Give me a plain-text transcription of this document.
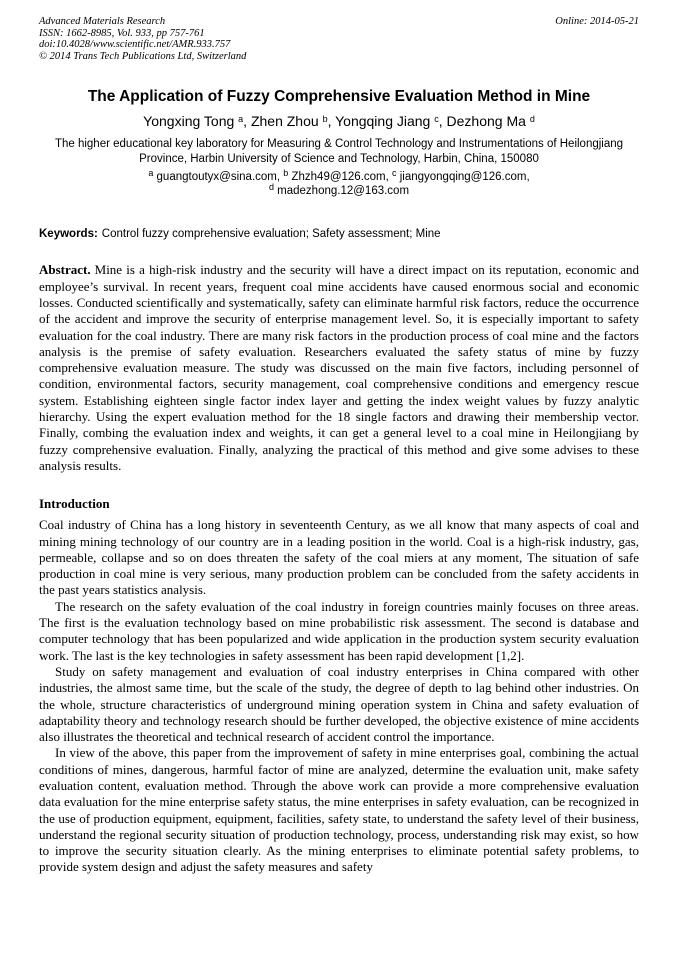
Advanced Materials Research
ISSN: 1662-8985, Vol. 933, pp 757-761
doi:10.4028/www.scientific.net/AMR.933.757
© 2014 Trans Tech Publications Ltd, Switzerland
Online: 2014-05-21
The Application of Fuzzy Comprehensive Evaluation Method in Mine
Yongxing Tong $^a$, Zhen Zhou $^b$, Yongqing Jiang $^c$, Dezhong Ma $^d$
The higher educational key laboratory for Measuring & Control Technology and Instrumentations of Heilongjiang Province, Harbin University of Science and Technology, Harbin, China, 150080
$^a$ guangtoutyx@sina.com, $^b$ Zhzh49@126.com, $^c$ jiangyongqing@126.com,
$^d$ madezhong.12@163.com
Keywords: Control fuzzy comprehensive evaluation; Safety assessment; Mine
Abstract. Mine is a high-risk industry and the security will have a direct impact on its reputation, economic and employee’s survival. In recent years, frequent coal mine accidents have caused enormous social and economic losses. Conducted scientifically and systematically, safety can eliminate harmful risk factors, reduce the occurrence of the accident and improve the security of enterprise management level. So, it is especially important to safety evaluation for the coal industry. There are many risk factors in the production process of coal mine and the factors analysis is the premise of safety evaluation. Researchers evaluated the safety status of mine by fuzzy comprehensive evaluation measure. The study was discussed on the main five factors, including personnel of condition, environmental factors, security management, coal comprehensive conditions and emergency rescue system. Establishing eighteen single factor index layer and getting the index weight values by fuzzy analytic hierarchy. Using the expert evaluation method for the 18 single factors and drawing their membership vector. Finally, combing the evaluation index and weights, it can get a general level to a coal mine in Heilongjiang by fuzzy comprehensive evaluation. Finally, analyzing the practical of this method and give some advises to these analysis results.
Introduction

Coal industry of China has a long history in seventeenth Century, as we all know that many aspects of coal and mining mining technology of our country are in a leading position in the world. Coal is a high-risk industry, gas, permeable, collapse and so on does threaten the safety of the coal miers at any moment, The situation of safe production in coal mine is very serious, many production problem can be concluded from the safety accidents in the past years statistics analysis.

The research on the safety evaluation of the coal industry in foreign countries mainly focuses on three areas. The first is the evaluation technology based on mine probabilistic risk assessment. The second is database and computer technology that has been popularized and wide application in the production system security evaluation work. The last is the key technologies in safety assessment has been rapid development [1,2].

Study on safety management and evaluation of coal industry enterprises in China compared with other industries, the almost same time, but the scale of the study, the degree of depth to lag behind other industries. On the whole, structure characteristics of underground mining operation system in China and safety evaluation of adaptability theory and technology research should be further developed, the objective existence of mine accidents also illustrates the theoretical and technical research of accident control the importance.

In view of the above, this paper from the improvement of safety in mine enterprises goal, combining the actual conditions of mines, dangerous, harmful factor of mine are analyzed, determine the evaluation unit, make safety evaluation content, evaluation method. Through the above work can provide a more comprehensive evaluation data evaluation for the mine enterprise safety status, the mine enterprises in safety evaluation, can be recognized in the use of production equipment, equipment, facilities, safety state, to understand the safety level of their business, understand the regional security situation of production technology, process, understanding risk may exist, so how to improve the security situation clearly. As the mining enterprises to eliminate potential safety problems, to provide system design and adjust the safety measures and safety
